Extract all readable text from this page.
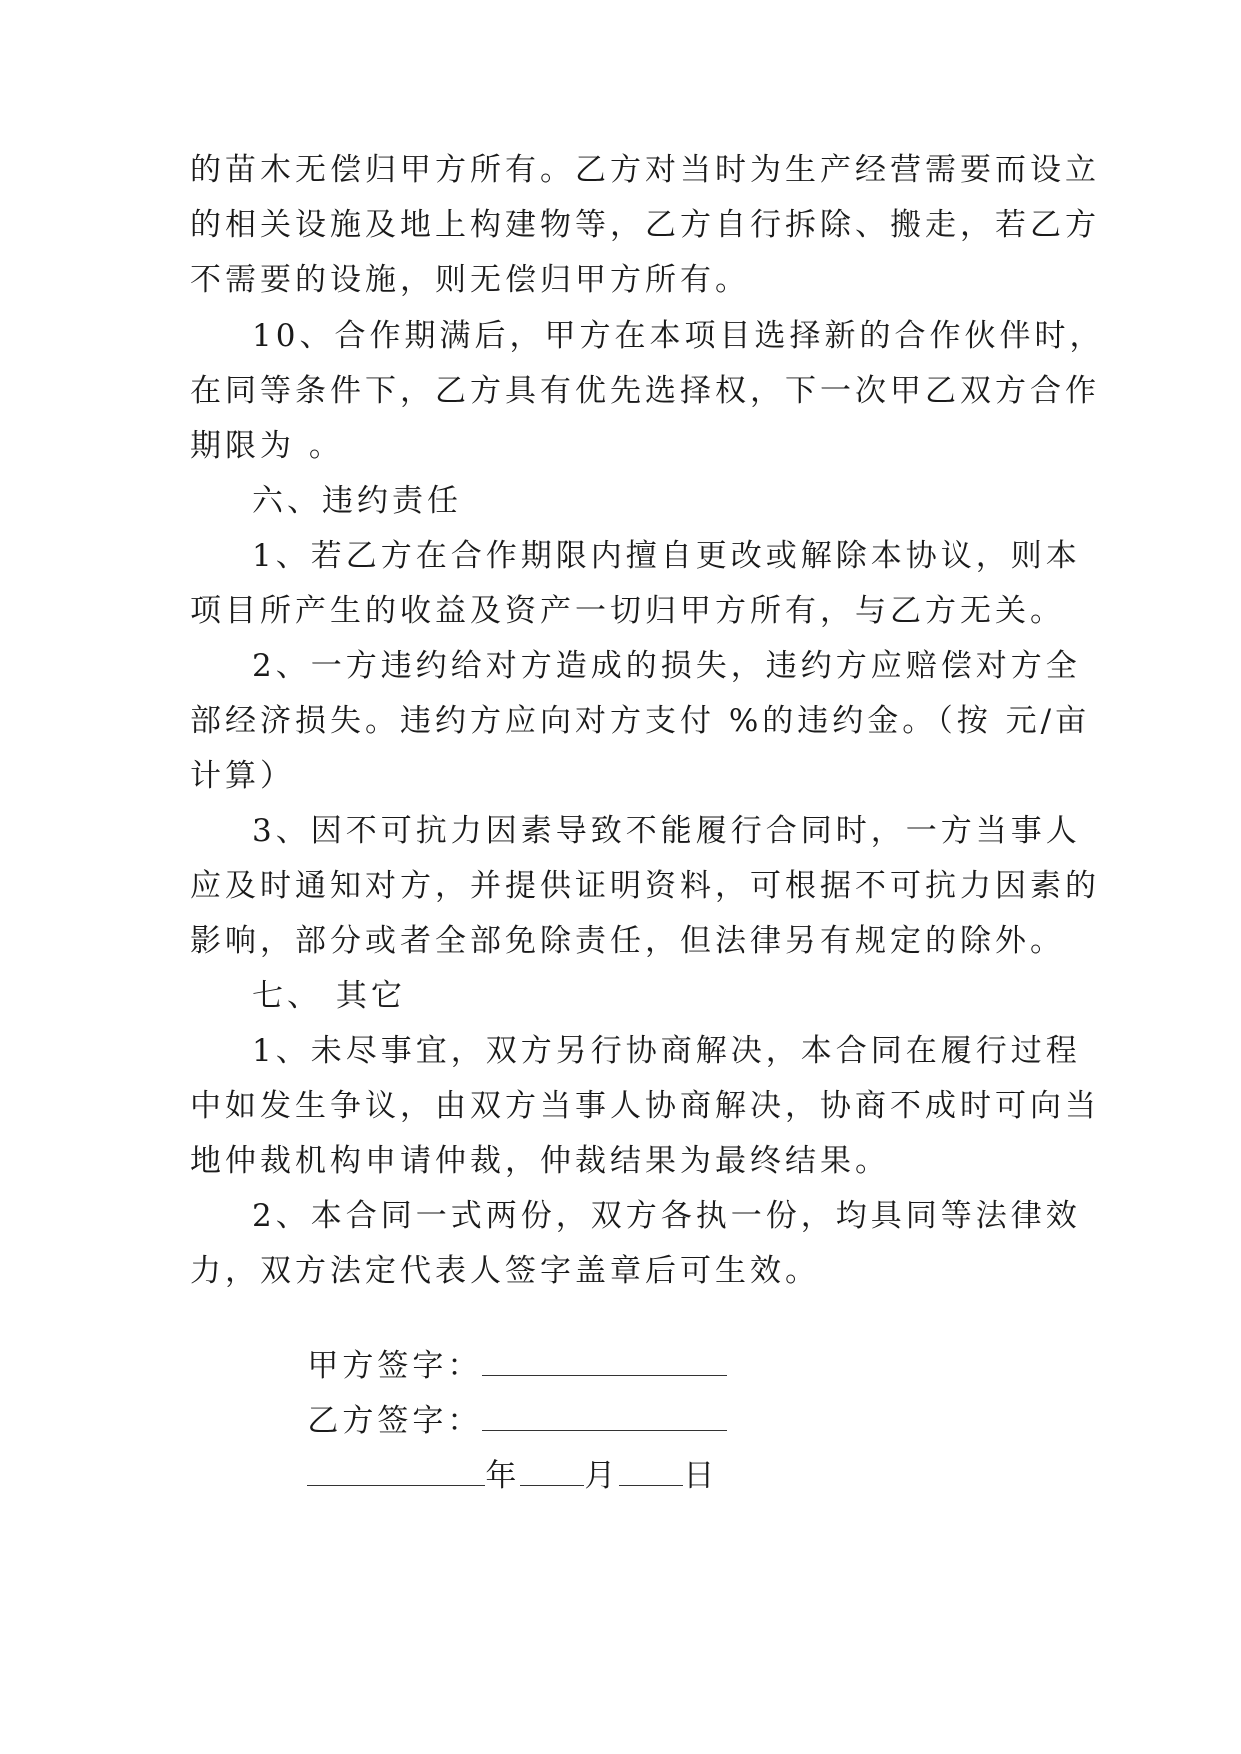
的苗木无偿归甲方所有。乙方对当时为生产经营需要而设立
的相关设施及地上构建物等，乙方自行拆除、搬走，若乙方
不需要的设施，则无偿归甲方所有。
10、合作期满后，甲方在本项目选择新的合作伙伴时，
在同等条件下，乙方具有优先选择权，下一次甲乙双方合作
期限为 。
六、违约责任
1、若乙方在合作期限内擅自更改或解除本协议，则本
项目所产生的收益及资产一切归甲方所有，与乙方无关。
2、一方违约给对方造成的损失，违约方应赔偿对方全
部经济损失。违约方应向对方支付 %的违约金。（按 元/亩
计算）
3、因不可抗力因素导致不能履行合同时，一方当事人
应及时通知对方，并提供证明资料，可根据不可抗力因素的
影响，部分或者全部免除责任，但法律另有规定的除外。
七、 其它
1、未尽事宜，双方另行协商解决，本合同在履行过程
中如发生争议，由双方当事人协商解决，协商不成时可向当
地仲裁机构申请仲裁，仲裁结果为最终结果。
2、本合同一式两份，双方各执一份，均具同等法律效
力，双方法定代表人签字盖章后可生效。

甲方签字：

乙方签字：

年 月 日
